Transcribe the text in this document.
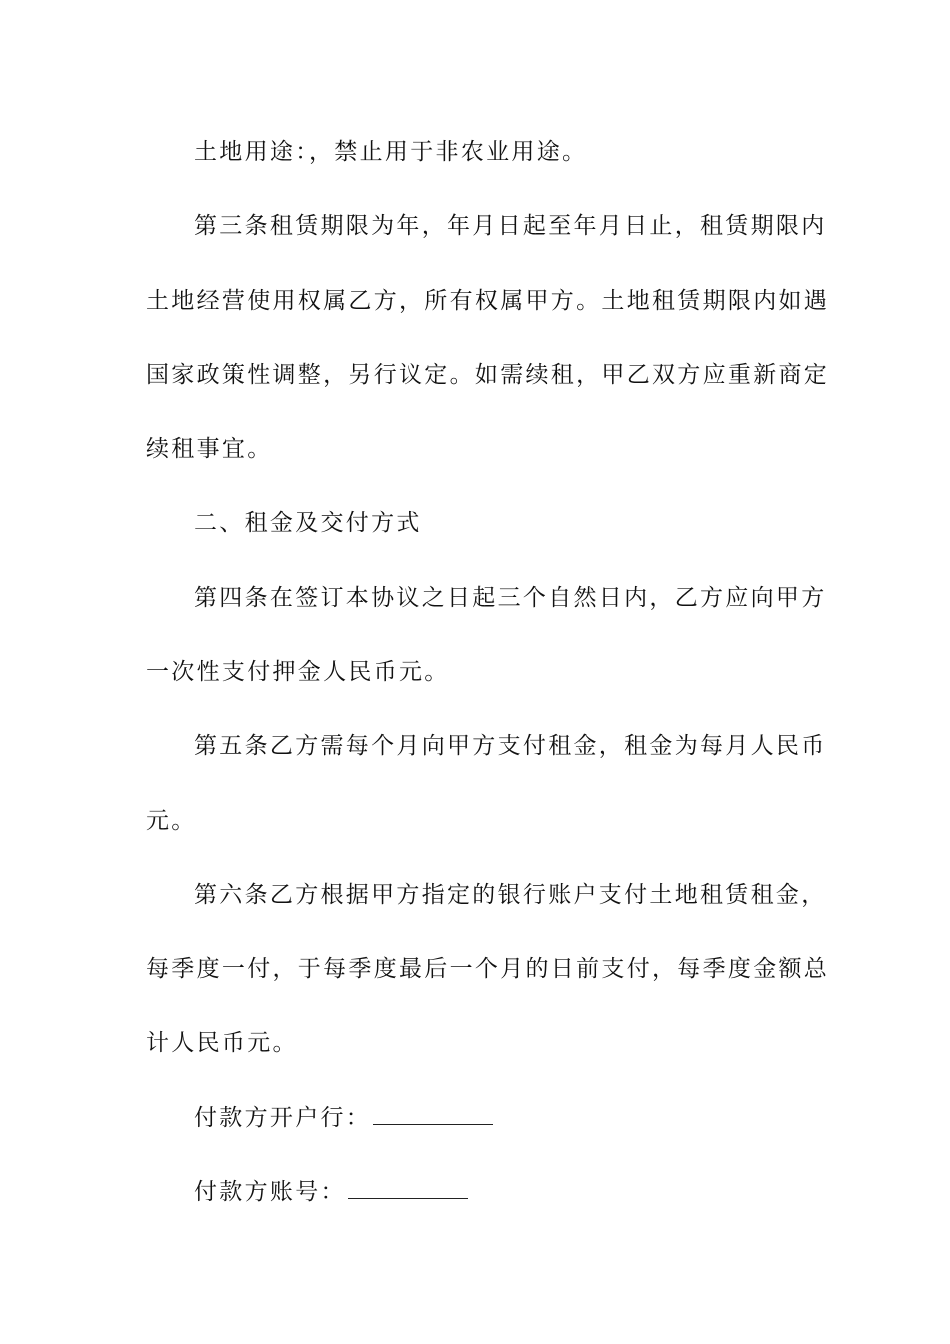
土地用途：，禁止用于非农业用途。
第三条租赁期限为年，年月日起至年月日止，租赁期限内
土地经营使用权属乙方，所有权属甲方。土地租赁期限内如遇
国家政策性调整，另行议定。如需续租，甲乙双方应重新商定
续租事宜。
二、租金及交付方式
第四条在签订本协议之日起三个自然日内，乙方应向甲方
一次性支付押金人民币元。
第五条乙方需每个月向甲方支付租金，租金为每月人民币
元。
第六条乙方根据甲方指定的银行账户支付土地租赁租金，
每季度一付，于每季度最后一个月的日前支付，每季度金额总
计人民币元。
付款方开户行：
付款方账号：
